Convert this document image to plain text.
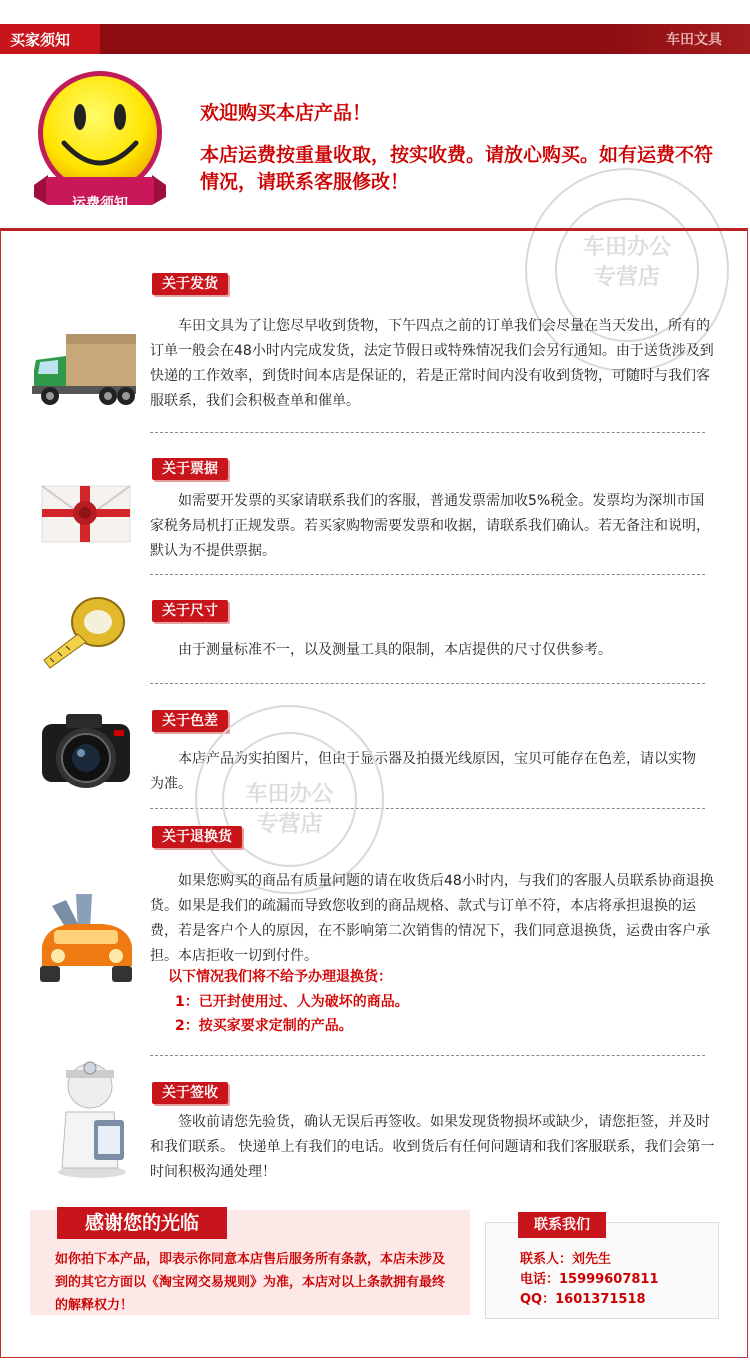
买家须知	车田文具
运费须知
欢迎购买本店产品！
本店运费按重量收取，按实收费。请放心购买。如有运费不符情况，请联系客服修改！
车田办公
专营店
关于发货
车田文具为了让您尽早收到货物，下午四点之前的订单我们会尽量在当天发出，所有的订单一般会在48小时内完成发货，法定节假日或特殊情况我们会另行通知。由于送货涉及到快递的工作效率，到货时间本店是保证的，若是正常时间内没有收到货物，可随时与我们客服联系，我们会积极查单和催单。
关于票据
如需要开发票的买家请联系我们的客服，普通发票需加收5%税金。发票均为深圳市国家税务局机打正规发票。若买家购物需要发票和收据，请联系我们确认。若无备注和说明，默认为不提供票据。
关于尺寸
由于测量标准不一，以及测量工具的限制，本店提供的尺寸仅供参考。
关于色差
本店产品为实拍图片，但由于显示器及拍摄光线原因，宝贝可能存在色差，请以实物为准。	车田办公
专营店
关于退换货
如果您购买的商品有质量问题的请在收货后48小时内，与我们的客服人员联系协商退换货。如果是我们的疏漏而导致您收到的商品规格、款式与订单不符，本店将承担退换的运费，若是客户个人的原因，在不影响第二次销售的情况下，我们同意退换货，运费由客户承担。本店拒收一切到付件。
以下情况我们将不给予办理退换货：
1：已开封使用过、人为破坏的商品。
2：按买家要求定制的产品。
关于签收
签收前请您先验货，确认无误后再签收。如果发现货物损坏或缺少，请您拒签，并及时和我们联系。 快递单上有我们的电话。收到货后有任何问题请和我们客服联系，我们会第一时间积极沟通处理！
感谢您的光临
如你拍下本产品，即表示你同意本店售后服务所有条款，本店未涉及到的其它方面以《淘宝网交易规则》为准，本店对以上条款拥有最终的解释权力！
联系我们
联系人：刘先生
电话：15999607811
QQ：1601371518
